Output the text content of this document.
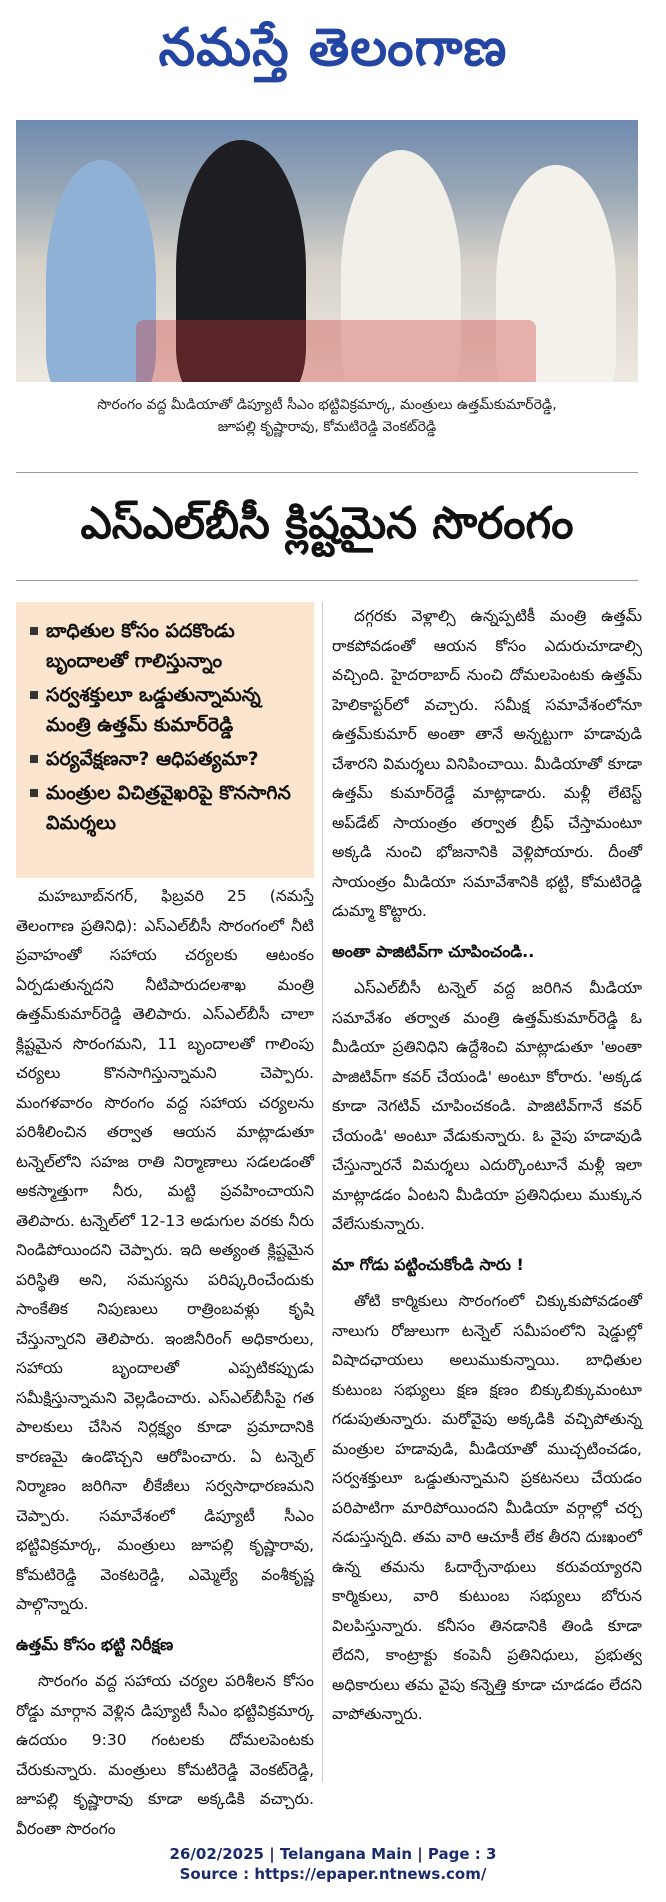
నమస్తే తెలంగాణ
సొరంగం వద్ద మీడియాతో డిప్యూటీ సీఎం భట్టివిక్రమార్క, మంత్రులు ఉత్తమ్‌కుమార్‌రెడ్డి,
జూపల్లి కృష్ణారావు, కోమటిరెడ్డి వెంకట్‌రెడ్డి
ఎస్‌ఎల్‌బీసీ క్లిష్టమైన సొరంగం
బాధితుల కోసం పదకొండు బృందాలతో గాలిస్తున్నాం
సర్వశక్తులూ ఒడ్డుతున్నామన్న మంత్రి ఉత్తమ్ కుమార్‌రెడ్డి
పర్యవేక్షణనా? ఆధిపత్యమా?
మంత్రుల విచిత్రవైఖరిపై కొనసాగిన విమర్శలు

మహబూబ్‌నగర్, ఫిబ్రవరి 25 (నమస్తే తెలంగాణ ప్రతినిధి): ఎస్‌ఎల్‌బీసీ సొరంగంలో నీటి ప్రవాహంతో సహాయ చర్యలకు ఆటంకం ఏర్పడుతున్నదని నీటిపారుదలశాఖ మంత్రి ఉత్తమ్‌కుమార్‌రెడ్డి తెలిపారు. ఎస్‌ఎల్‌బీసీ చాలా క్లిష్టమైన సొరంగమని, 11 బృందాలతో గాలింపు చర్యలు కొనసాగిస్తున్నామని చెప్పారు. మంగళవారం సొరంగం వద్ద సహాయ చర్యలను పరిశీలించిన తర్వాత ఆయన మాట్లాడుతూ టన్నెల్‌లోని సహజ రాతి నిర్మాణాలు సడలడంతో అకస్మాత్తుగా నీరు, మట్టి ప్రవహించాయని తెలిపారు. టన్నెల్‌లో 12-13 అడుగుల వరకు నీరు నిండిపోయిందని చెప్పారు. ఇది అత్యంత క్లిష్టమైన పరిస్థితి అని, సమస్యను పరిష్కరించేందుకు సాంకేతిక నిపుణులు రాత్రింబవళ్లు కృషి చేస్తున్నారని తెలిపారు. ఇంజినీరింగ్ అధికారులు, సహాయ బృందాలతో ఎప్పటికప్పుడు సమీక్షిస్తున్నామని వెల్లడించారు. ఎస్‌ఎల్‌బీసీపై గత పాలకులు చేసిన నిర్లక్ష్యం కూడా ప్రమాదానికి కారణమై ఉండొచ్చని ఆరోపించారు. ఏ టన్నెల్ నిర్మాణం జరిగినా లీకేజీలు సర్వసాధారణమని చెప్పారు. సమావేశంలో డిప్యూటీ సీఎం భట్టివిక్రమార్క, మంత్రులు జూపల్లి కృష్ణారావు, కోమటిరెడ్డి వెంకటరెడ్డి, ఎమ్మెల్యే వంశీకృష్ణ పాల్గొన్నారు.

ఉత్తమ్ కోసం భట్టి నిరీక్షణ

సొరంగం వద్ద సహాయ చర్యల పరిశీలన కోసం రోడ్డు మార్గాన వెళ్లిన డిప్యూటీ సీఎం భట్టివిక్రమార్క ఉదయం 9:30 గంటలకు దోమలపెంటకు చేరుకున్నారు. మంత్రులు కోమటిరెడ్డి వెంకట్‌రెడ్డి, జూపల్లి కృష్ణారావు కూడా అక్కడికి వచ్చారు. వీరంతా సొరంగం

దగ్గరకు వెళ్లాల్సి ఉన్నప్పటికీ మంత్రి ఉత్తమ్ రాకపోవడంతో ఆయన కోసం ఎదురుచూడాల్సి వచ్చింది. హైదరాబాద్ నుంచి దోమలపెంటకు ఉత్తమ్ హెలికాప్టర్‌లో వచ్చారు. సమీక్ష సమావేశంలోనూ ఉత్తమ్‌కుమార్ అంతా తానే అన్నట్టుగా హడావుడి చేశారని విమర్శలు వినిపించాయి. మీడియాతో కూడా ఉత్తమ్ కుమార్‌రెడ్డే మాట్లాడారు. మళ్లీ లేటెస్ట్ అప్‌డేట్ సాయంత్రం తర్వాత బ్రీఫ్ చేస్తామంటూ అక్కడి నుంచి భోజనానికి వెళ్లిపోయారు. దీంతో సాయంత్రం మీడియా సమావేశానికి భట్టి, కోమటిరెడ్డి డుమ్మా కొట్టారు.

అంతా పాజిటివ్‌గా చూపించండి..

ఎస్‌ఎల్‌బీసీ టన్నెల్ వద్ద జరిగిన మీడియా సమావేశం తర్వాత మంత్రి ఉత్తమ్‌కుమార్‌రెడ్డి ఓ మీడియా ప్రతినిధిని ఉద్దేశించి మాట్లాడుతూ 'అంతా పాజిటివ్‌గా కవర్ చేయండి' అంటూ కోరారు. 'అక్కడ కూడా నెగటివ్ చూపించకండి. పాజిటివ్‌గానే కవర్ చేయండి' అంటూ వేడుకున్నారు. ఓ వైపు హడావుడి చేస్తున్నారనే విమర్శలు ఎదుర్కొంటూనే మళ్లీ ఇలా మాట్లాడడం ఏంటని మీడియా ప్రతినిధులు ముక్కున వేలేసుకున్నారు.

మా గోడు పట్టించుకోండి సారు !

తోటి కార్మికులు సొరంగంలో చిక్కుకుపోవడంతో నాలుగు రోజులుగా టన్నెల్ సమీపంలోని షెడ్డుల్లో విషాదఛాయలు అలుముకున్నాయి. బాధితుల కుటుంబ సభ్యులు క్షణ క్షణం బిక్కుబిక్కుమంటూ గడుపుతున్నారు. మరోవైపు అక్కడికి వచ్చిపోతున్న మంత్రుల హడావుడి, మీడియాతో ముచ్చటించడం, సర్వశక్తులూ ఒడ్డుతున్నామని ప్రకటనలు చేయడం పరిపాటిగా మారిపోయిందని మీడియా వర్గాల్లో చర్చ నడుస్తున్నది. తమ వారి ఆచూకీ లేక తీరని దుఃఖంలో ఉన్న తమను ఓదార్చేనాథులు కరువయ్యారని కార్మికులు, వారి కుటుంబ సభ్యులు బోరున విలపిస్తున్నారు. కనీసం తినడానికి తిండి కూడా లేదని, కాంట్రాక్టు కంపెనీ ప్రతినిధులు, ప్రభుత్వ అధికారులు తమ వైపు కన్నెత్తి కూడా చూడడం లేదని వాపోతున్నారు.

26/02/2025 | Telangana Main | Page : 3
Source : https://epaper.ntnews.com/
